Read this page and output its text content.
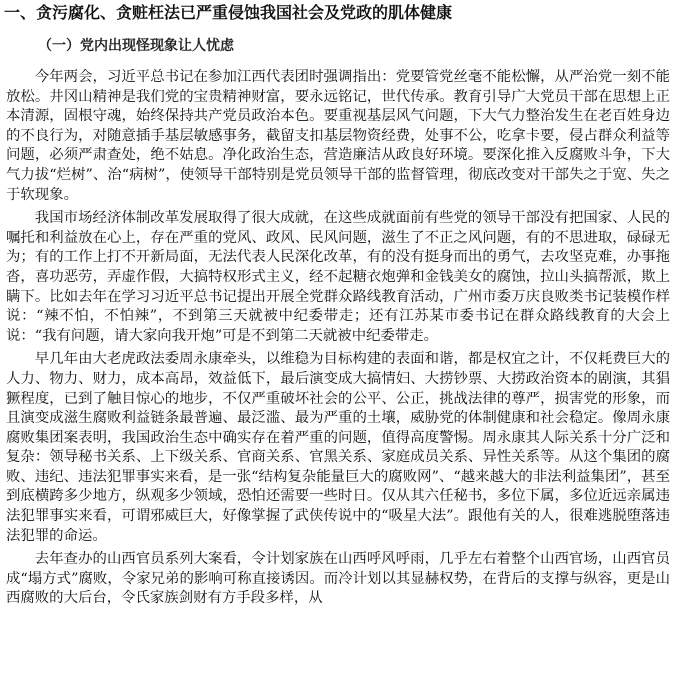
一、贪污腐化、贪赃枉法已严重侵蚀我国社会及党政的肌体健康
（一）党内出现怪现象让人忧虑

今年两会，习近平总书记在参加江西代表团时强调指出：党要管党丝毫不能松懈，从严治党一刻不能放松。井冈山精神是我们党的宝贵精神财富，要永远铭记，世代传承。教育引导广大党员干部在思想上正本清源，固根守魂，始终保持共产党员政治本色。要重视基层风气问题，下大气力整治发生在老百姓身边的不良行为，对随意插手基层敏感事务，截留支扣基层物资经费，处事不公，吃拿卡要，侵占群众利益等问题，必须严肃查处，绝不姑息。净化政治生态，营造廉洁从政良好环境。要深化推入反腐败斗争，下大气力拔“烂树”、治“病树”，使领导干部特别是党员领导干部的监督管理，彻底改变对干部失之于宽、失之于软现象。

我国市场经济体制改革发展取得了很大成就，在这些成就面前有些党的领导干部没有把国家、人民的嘱托和利益放在心上，存在严重的党风、政风、民风问题，滋生了不正之风问题，有的不思进取，碌碌无为；有的工作上打不开新局面，无法代表人民深化改革，有的没有挺身而出的勇气，去攻坚克难，办事拖沓，喜功恶劳，弄虚作假，大搞特权形式主义，经不起糖衣炮弹和金钱美女的腐蚀，拉山头搞帮派，欺上瞒下。比如去年在学习习近平总书记提出开展全党群众路线教育活动，广州市委万庆良败类书记装模作样说：“辣不怕，不怕辣”，不到第三天就被中纪委带走；还有江苏某市委书记在群众路线教育的大会上说：“我有问题，请大家向我开炮”可是不到第二天就被中纪委带走。

早几年由大老虎政法委周永康牵头，以维稳为目标构建的表面和谐，都是权宜之计，不仅耗费巨大的人力、物力、财力，成本高昂，效益低下，最后演变成大搞情妇、大捞钞票、大捞政治资本的剧演，其猖獗程度，已到了触目惊心的地步，不仅严重破坏社会的公平、公正，挑战法律的尊严，损害党的形象，而且演变成滋生腐败利益链条最普遍、最泛滥、最为严重的土壤，威胁党的体制健康和社会稳定。像周永康腐败集团案表明，我国政治生态中确实存在着严重的问题，值得高度警惕。周永康其人际关系十分广泛和复杂：领导秘书关系、上下级关系、官商关系、官黑关系、家庭成员关系、异性关系等。从这个集团的腐败、违纪、违法犯罪事实来看，是一张“结构复杂能量巨大的腐败网”、“越来越大的非法利益集团”，甚至到底横跨多少地方，纵观多少领域，恐怕还需要一些时日。仅从其六任秘书，多位下属，多位近远亲属违法犯罪事实来看，可谓邪威巨大，好像掌握了武侠传说中的“吸星大法”。跟他有关的人，很难逃脱堕落违法犯罪的命运。

去年查办的山西官员系列大案看，令计划家族在山西呼风呼雨，几乎左右着整个山西官场，山西官员成“塌方式”腐败，令家兄弟的影响可称直接诱因。而冷计划以其显赫权势，在背后的支撑与纵容，更是山西腐败的大后台，令氏家族剑财有方手段多样，从
